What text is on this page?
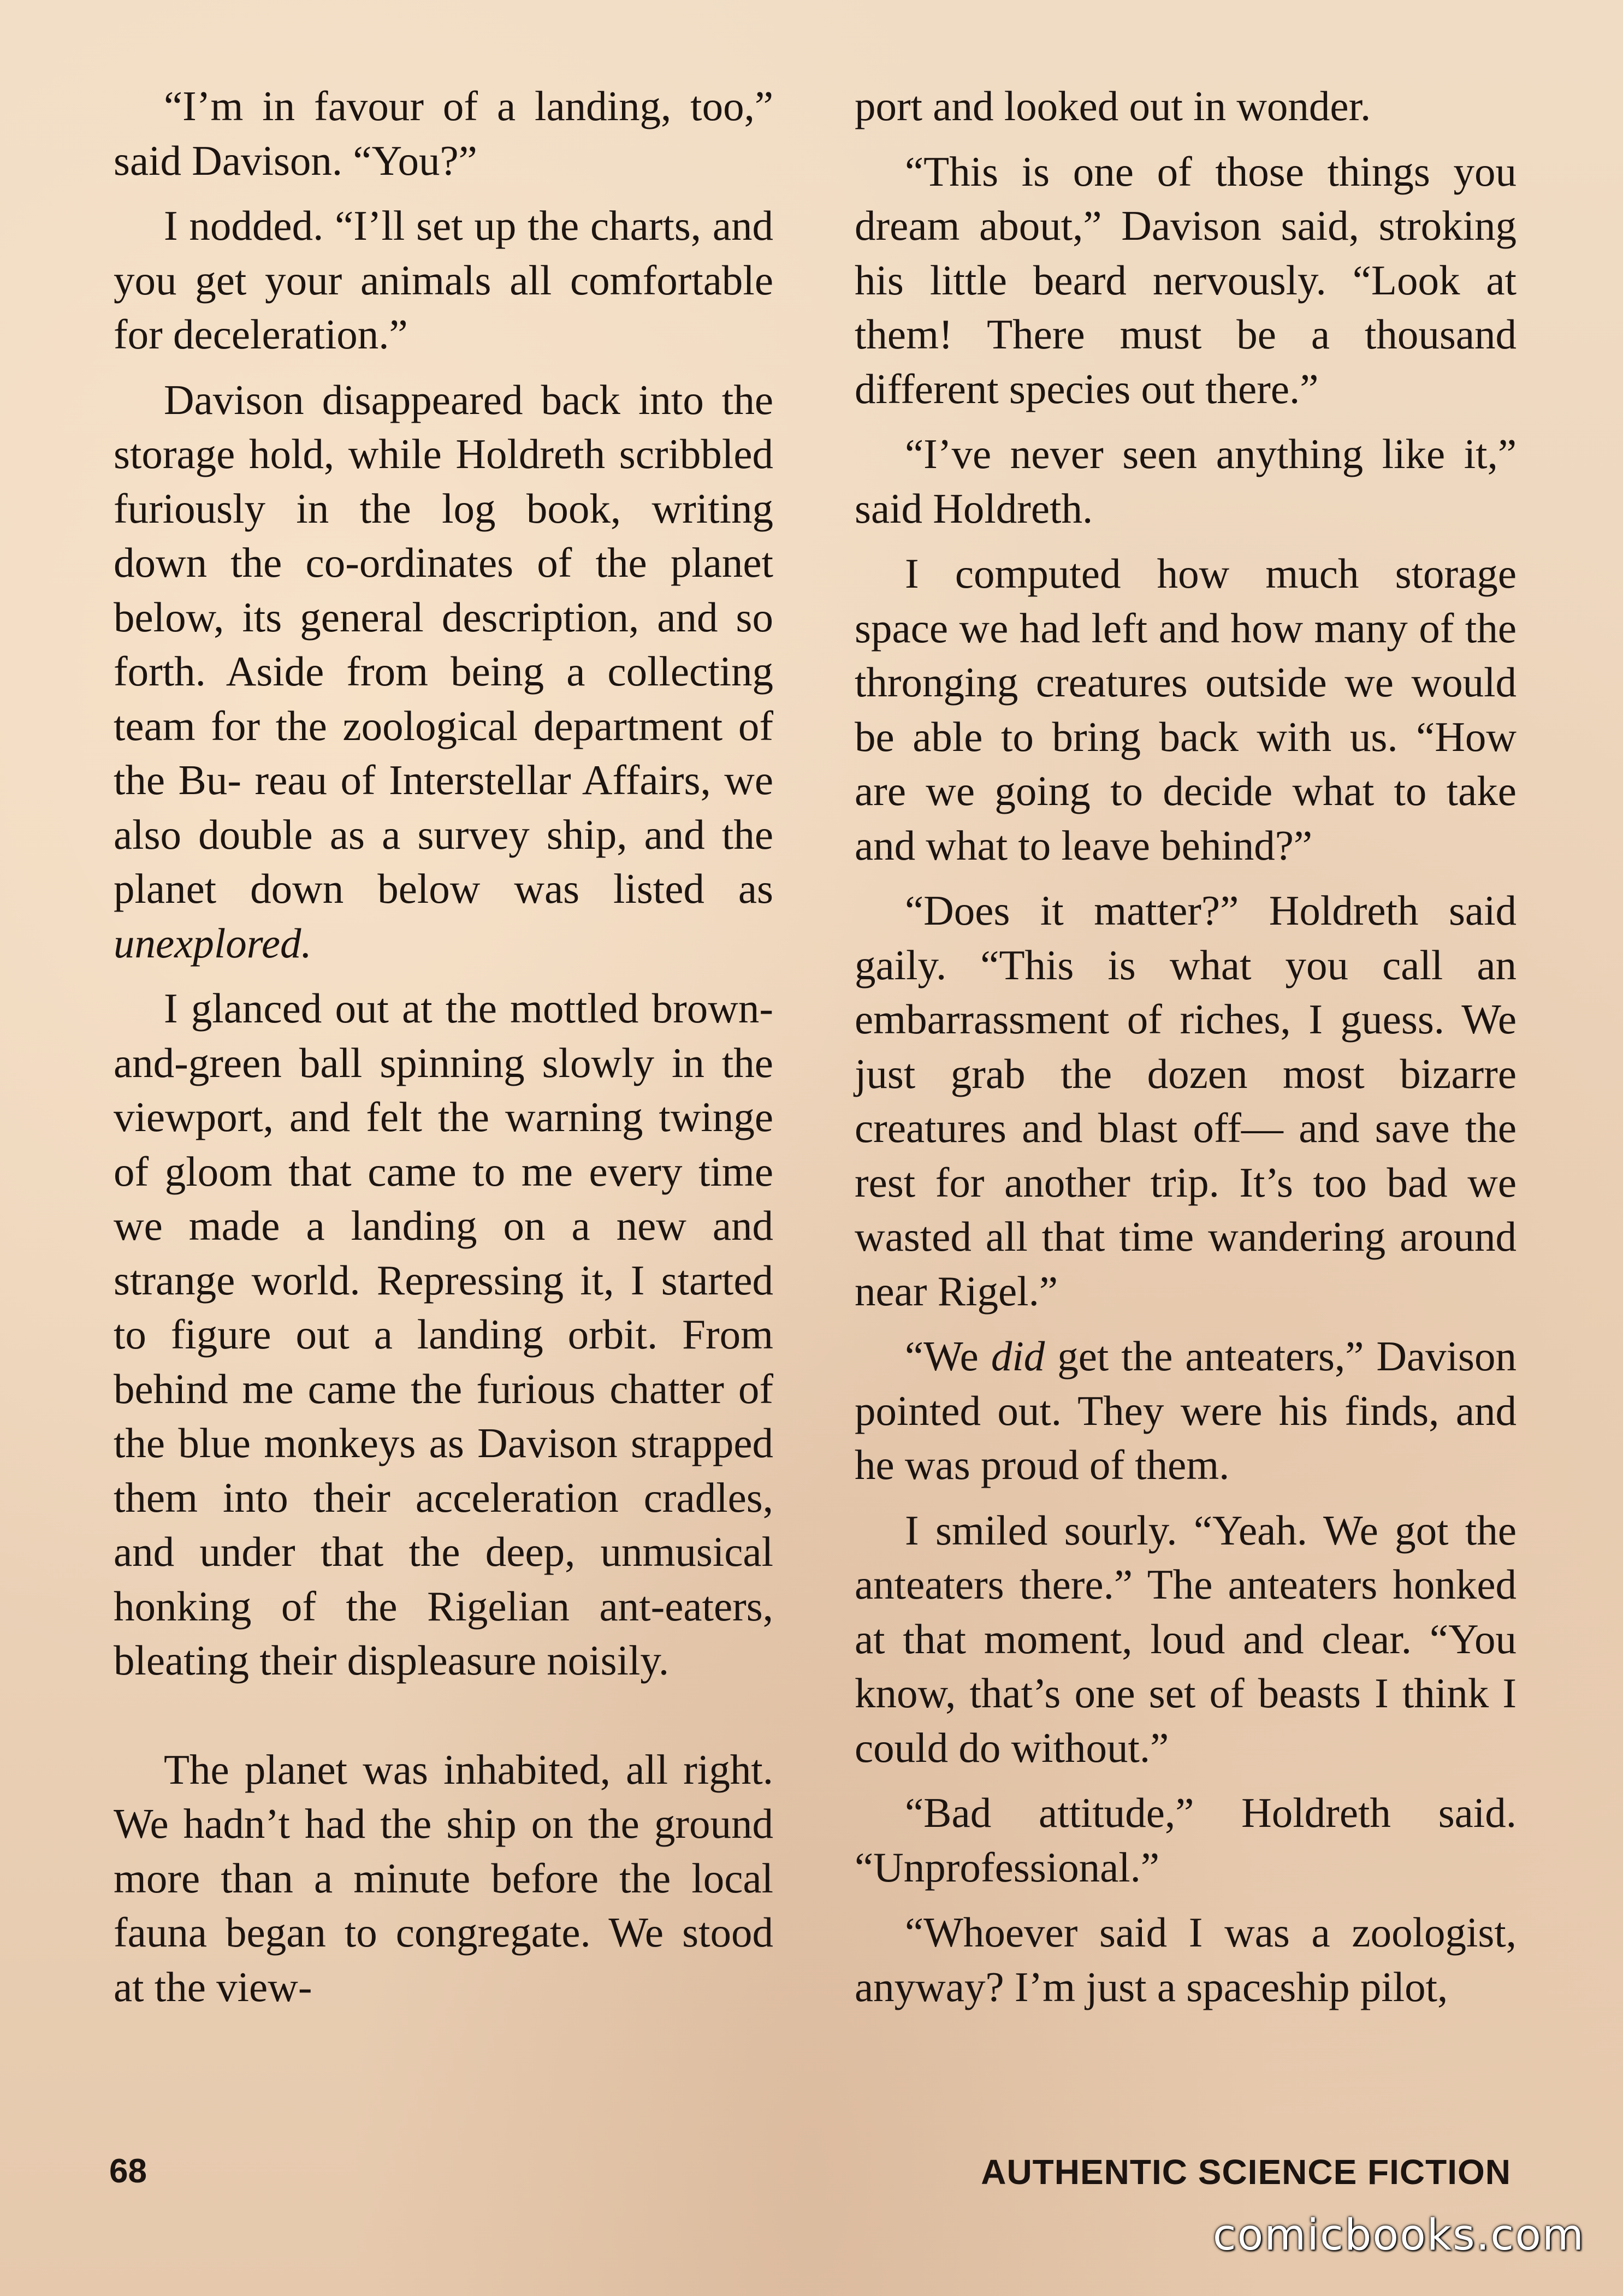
“I’m in favour of a landing, too,” said Davison. “You?”

I nodded. “I’ll set up the charts, and you get your animals all comfortable for deceleration.”

Davison disappeared back into the storage hold, while Holdreth scribbled furiously in the log book, writing down the co-ordinates of the planet below, its general description, and so forth. Aside from being a collecting team for the zoological department of the Bu- reau of Interstellar Affairs, we also double as a survey ship, and the planet down below was listed as unexplored.

I glanced out at the mottled brown-and-green ball spinning slowly in the viewport, and felt the warning twinge of gloom that came to me every time we made a landing on a new and strange world. Repressing it, I started to figure out a landing orbit. From behind me came the furious chatter of the blue monkeys as Davison strapped them into their acceleration cradles, and under that the deep, unmusical honking of the Rigelian ant-eaters, bleating their displeasure noisily.

The planet was inhabited, all right. We hadn’t had the ship on the ground more than a minute before the local fauna began to congregate. We stood at the view-

port and looked out in wonder.

“This is one of those things you dream about,” Davison said, stroking his little beard nervously. “Look at them! There must be a thousand different species out there.”

“I’ve never seen anything like it,” said Holdreth.

I computed how much storage space we had left and how many of the thronging creatures outside we would be able to bring back with us. “How are we going to decide what to take and what to leave behind?”

“Does it matter?” Holdreth said gaily. “This is what you call an embarrassment of riches, I guess. We just grab the dozen most bizarre creatures and blast off— and save the rest for another trip. It’s too bad we wasted all that time wandering around near Rigel.”

“We did get the anteaters,” Davison pointed out. They were his finds, and he was proud of them.

I smiled sourly. “Yeah. We got the anteaters there.” The anteaters honked at that moment, loud and clear. “You know, that’s one set of beasts I think I could do without.”

“Bad attitude,” Holdreth said. “Unprofessional.”

“Whoever said I was a zoologist, anyway? I’m just a spaceship pilot,

68	AUTHENTIC SCIENCE FICTION
comicbooks.com
